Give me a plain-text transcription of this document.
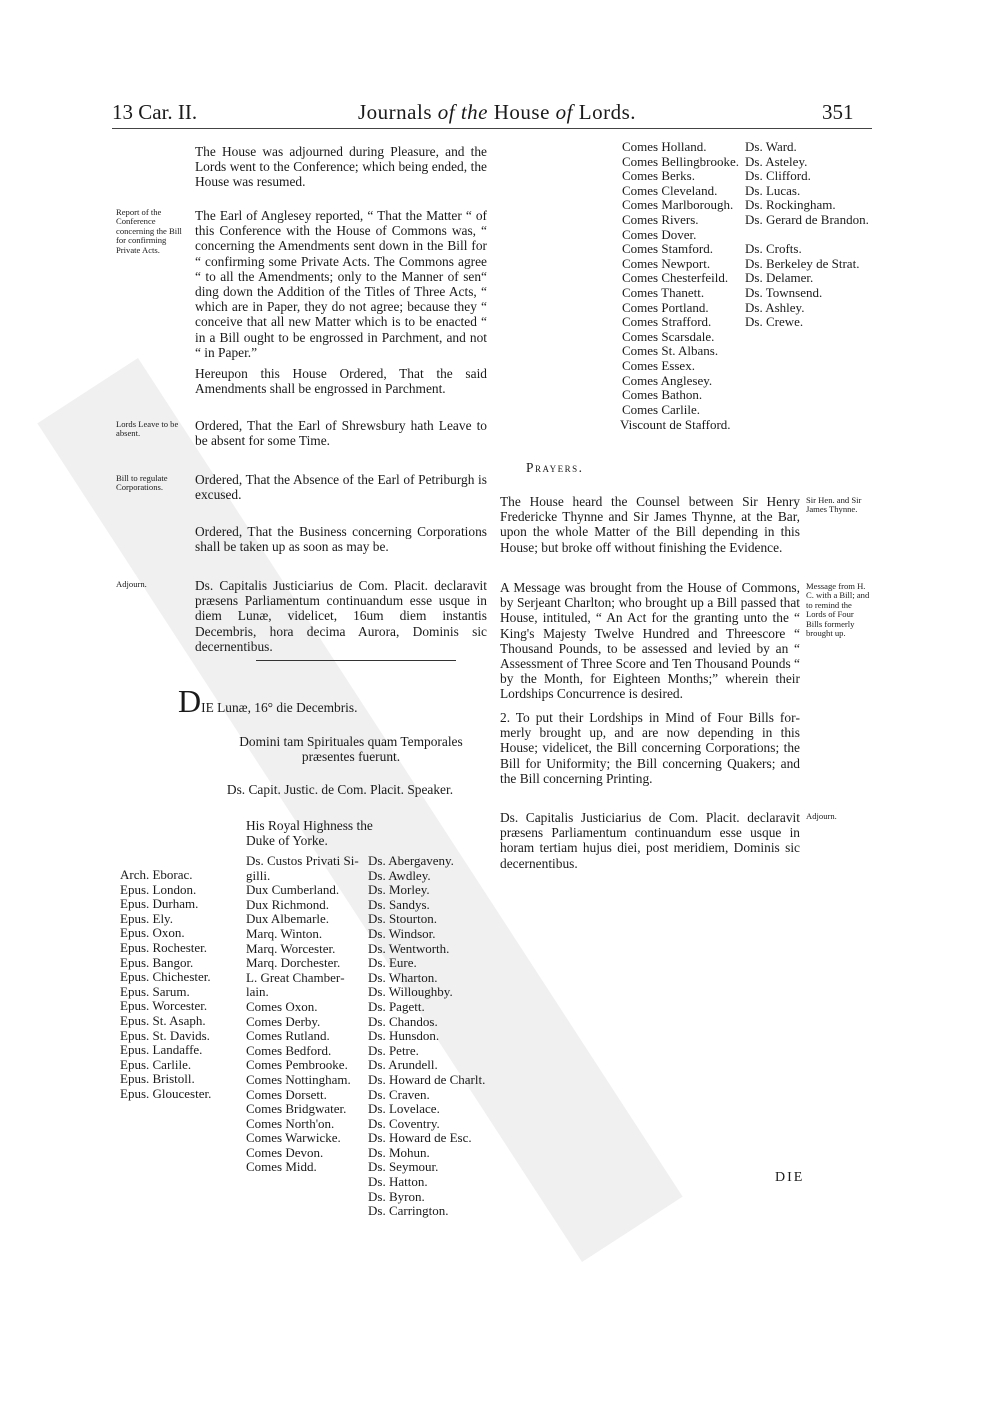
13 Car. II.	Journals of the House of Lords.	351
The House was adjourned during Pleasure, and the Lords went to the Conference; which being ended, the House was resumed.
Report of the Conference concerning the Bill for confirming Private Acts.
The Earl of Anglesey reported, “ That the Matter “ of this Conference with the House of Commons was, “ concerning the Amendments sent down in the Bill for “ confirming some Private Acts. The Commons agree “ to all the Amendments; only to the Manner of sen“ ding down the Addition of the Titles of Three Acts, “ which are in Paper, they do not agree; because they “ conceive that all new Matter which is to be enacted “ in a Bill ought to be engrossed in Parchment, and not “ in Paper.”
Hereupon this House Ordered, That the said Amendments shall be engrossed in Parchment.
Lords Leave to be absent.
Ordered, That the Earl of Shrewsbury hath Leave to be absent for some Time.
Bill to regulate Corporations.
Ordered, That the Absence of the Earl of Petriburgh is excused.
Ordered, That the Business concerning Corporations shall be taken up as soon as may be.
Adjourn.	Ds. Capitalis Justiciarius de Com. Placit. declaravit præsens Parliamentum continuandum esse usque in diem Lunæ, videlicet, 16um diem instantis Decembris, hora decima Aurora, Dominis sic decernentibus.
DIE Lunæ, 16° die Decembris.
Domini tam Spirituales quam Temporales præsentes fuerunt.
Ds. Capit. Justic. de Com. Placit. Speaker.
His Royal Highness the Duke of Yorke.
Arch. Eborac.
Epus. London.
Epus. Durham.
Epus. Ely.
Epus. Oxon.
Epus. Rochester.
Epus. Bangor.
Epus. Chichester.
Epus. Sarum.
Epus. Worcester.
Epus. St. Asaph.
Epus. St. Davids.
Epus. Landaffe.
Epus. Carlile.
Epus. Bristoll.
Epus. Gloucester.
Ds. Custos Privati Sigilli.
Dux Cumberland.
Dux Richmond.
Dux Albemarle.
Marq. Winton.
Marq. Worcester.
Marq. Dorchester.
L. Great Chamberlain.
Comes Oxon.
Comes Derby.
Comes Rutland.
Comes Bedford.
Comes Pembrooke.
Comes Nottingham.
Comes Dorsett.
Comes Bridgwater.
Comes North'on.
Comes Warwicke.
Comes Devon.
Comes Midd.
Ds. Abergaveny.
Ds. Awdley.
Ds. Morley.
Ds. Sandys.
Ds. Stourton.
Ds. Windsor.
Ds. Wentworth.
Ds. Eure.
Ds. Wharton.
Ds. Willoughby.
Ds. Pagett.
Ds. Chandos.
Ds. Hunsdon.
Ds. Petre.
Ds. Arundell.
Ds. Howard de Charlt.
Ds. Craven.
Ds. Lovelace.
Ds. Coventry.
Ds. Howard de Esc.
Ds. Mohun.
Ds. Seymour.
Ds. Hatton.
Ds. Byron.
Ds. Carrington.
Comes Holland.
Comes Bellingbrooke.
Comes Berks.
Comes Cleveland.
Comes Marlborough.
Comes Rivers.
Comes Dover.
Comes Stamford.
Comes Newport.
Comes Chesterfeild.
Comes Thanett.
Comes Portland.
Comes Strafford.
Comes Scarsdale.
Comes St. Albans.
Comes Essex.
Comes Anglesey.
Comes Bathon.
Comes Carlile.
Viscount de Stafford.
Ds. Ward.
Ds. Asteley.
Ds. Clifford.
Ds. Lucas.
Ds. Rockingham.
Ds. Gerard de Brandon.
Ds. Crofts.
Ds. Berkeley de Strat.
Ds. Delamer.
Ds. Townsend.
Ds. Ashley.
Ds. Crewe.
Prayers.
The House heard the Counsel between Sir Henry Fredericke Thynne and Sir James Thynne, at the Bar, upon the whole Matter of the Bill depending in this House; but broke off without finishing the Evidence.
Sir Hen. and Sir James Thynne.
A Message was brought from the House of Commons, by Serjeant Charlton; who brought up a Bill passed that House, intituled, “ An Act for the granting unto the “ King's Majesty Twelve Hundred and Threescore “ Thousand Pounds, to be assessed and levied by an “ Assessment of Three Score and Ten Thousand Pounds “ by the Month, for Eighteen Months;” wherein their Lordships Concurrence is desired.
Message from H. C. with a Bill; and to remind the Lords of Four Bills formerly brought up.
2. To put their Lordships in Mind of Four Bills formerly brought up, and are now depending in this House; videlicet, the Bill concerning Corporations; the Bill for Uniformity; the Bill concerning Quakers; and the Bill concerning Printing.
Ds. Capitalis Justiciarius de Com. Placit. declaravit præsens Parliamentum continuandum esse usque in horam tertiam hujus diei, post meridiem, Dominis sic decernentibus.
Adjourn.
DIE
